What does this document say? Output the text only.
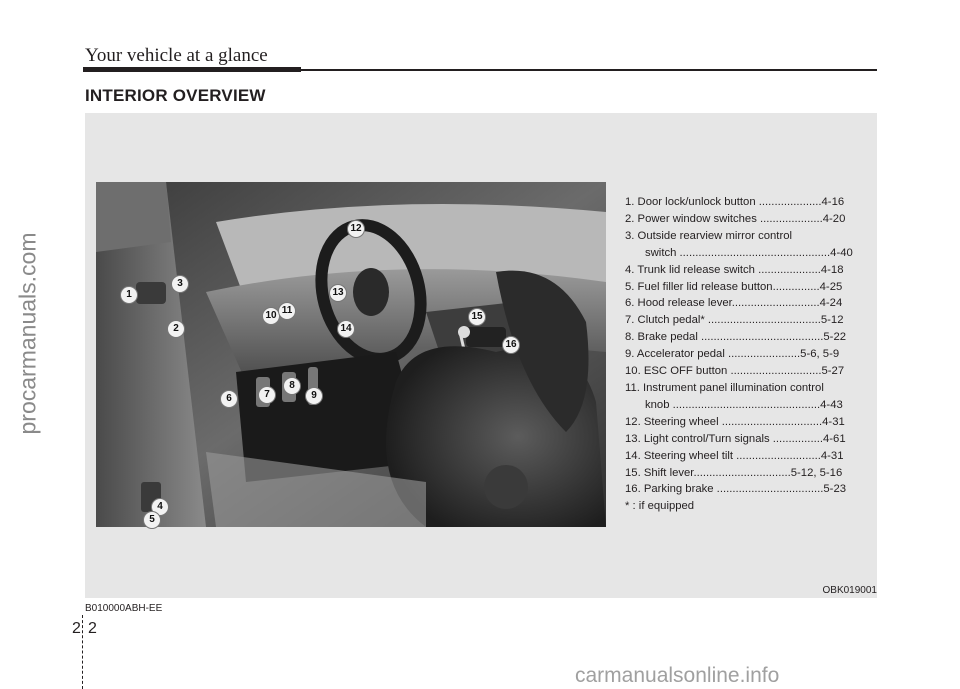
Your vehicle at a glance
INTERIOR OVERVIEW
1
2
3
4
5
6	7
8
9
10 11
12
13
14
15
16
1. Door lock/unlock button ....................4-16
2. Power window switches ....................4-20
3. Outside rearview mirror control
switch ................................................4-40
4. Trunk lid release switch ....................4-18
5. Fuel filler lid release button...............4-25
6. Hood release lever............................4-24
7. Clutch pedal* ....................................5-12
8. Brake pedal .......................................5-22
9. Accelerator pedal .......................5-6, 5-9
10. ESC OFF button .............................5-27
11. Instrument panel illumination control
knob ...............................................4-43
12. Steering wheel ................................4-31
13. Light control/Turn signals ................4-61
14. Steering wheel tilt ...........................4-31
15. Shift lever...............................5-12, 5-16
16. Parking brake ..................................5-23
* : if equipped
OBK019001
B010000ABH-EE
2 2
procarmanuals.com
carmanualsonline.info
